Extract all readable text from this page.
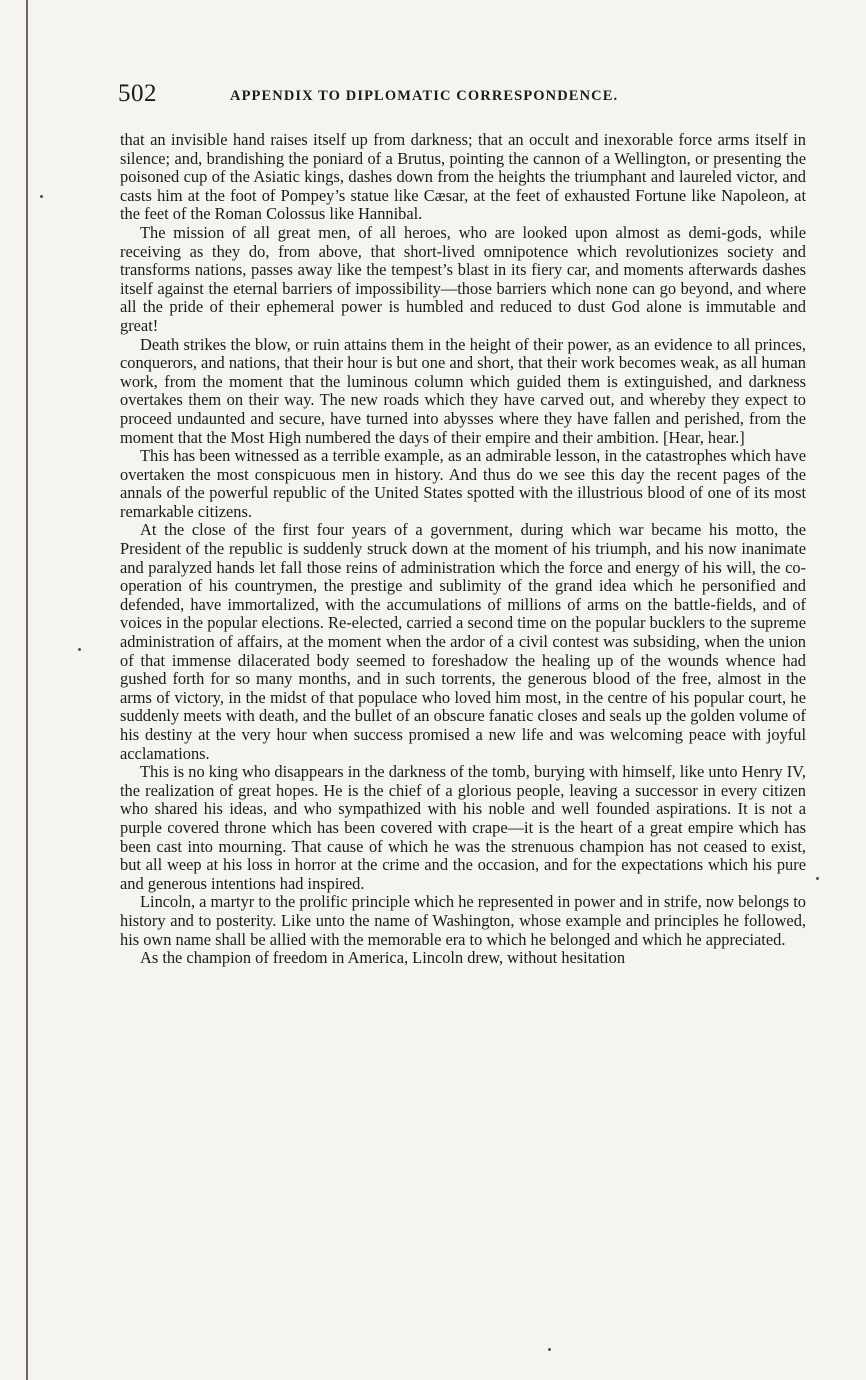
502	APPENDIX TO DIPLOMATIC CORRESPONDENCE.

that an invisible hand raises itself up from darkness; that an occult and inexorable force arms itself in silence; and, brandishing the poniard of a Brutus, pointing the cannon of a Wellington, or presenting the poisoned cup of the Asiatic kings, dashes down from the heights the triumphant and laureled victor, and casts him at the foot of Pompey’s statue like Cæsar, at the feet of exhausted Fortune like Napoleon, at the feet of the Roman Colossus like Hannibal.

The mission of all great men, of all heroes, who are looked upon almost as demi-gods, while receiving as they do, from above, that short-lived omnipotence which revolutionizes society and transforms nations, passes away like the tempest’s blast in its fiery car, and moments afterwards dashes itself against the eternal barriers of impossibility—those barriers which none can go beyond, and where all the pride of their ephemeral power is humbled and reduced to dust God alone is immutable and great!

Death strikes the blow, or ruin attains them in the height of their power, as an evidence to all princes, conquerors, and nations, that their hour is but one and short, that their work becomes weak, as all human work, from the moment that the luminous column which guided them is extinguished, and darkness overtakes them on their way. The new roads which they have carved out, and whereby they expect to proceed undaunted and secure, have turned into abysses where they have fallen and perished, from the moment that the Most High numbered the days of their empire and their ambition. [Hear, hear.]

This has been witnessed as a terrible example, as an admirable lesson, in the catastrophes which have overtaken the most conspicuous men in history. And thus do we see this day the recent pages of the annals of the powerful republic of the United States spotted with the illustrious blood of one of its most remarkable citizens.

At the close of the first four years of a government, during which war became his motto, the President of the republic is suddenly struck down at the moment of his triumph, and his now inanimate and paralyzed hands let fall those reins of administration which the force and energy of his will, the co-operation of his countrymen, the prestige and sublimity of the grand idea which he personified and defended, have immortalized, with the accumulations of millions of arms on the battle-fields, and of voices in the popular elections. Re-elected, carried a second time on the popular bucklers to the supreme administration of affairs, at the moment when the ardor of a civil contest was subsiding, when the union of that immense dilacerated body seemed to foreshadow the healing up of the wounds whence had gushed forth for so many months, and in such torrents, the generous blood of the free, almost in the arms of victory, in the midst of that populace who loved him most, in the centre of his popular court, he suddenly meets with death, and the bullet of an obscure fanatic closes and seals up the golden volume of his destiny at the very hour when success promised a new life and was welcoming peace with joyful acclamations.

This is no king who disappears in the darkness of the tomb, burying with himself, like unto Henry IV, the realization of great hopes. He is the chief of a glorious people, leaving a successor in every citizen who shared his ideas, and who sympathized with his noble and well founded aspirations. It is not a purple covered throne which has been covered with crape—it is the heart of a great empire which has been cast into mourning. That cause of which he was the strenuous champion has not ceased to exist, but all weep at his loss in horror at the crime and the occasion, and for the expectations which his pure and generous intentions had inspired.

Lincoln, a martyr to the prolific principle which he represented in power and in strife, now belongs to history and to posterity. Like unto the name of Washington, whose example and principles he followed, his own name shall be allied with the memorable era to which he belonged and which he appreciated.

As the champion of freedom in America, Lincoln drew, without hesitation
